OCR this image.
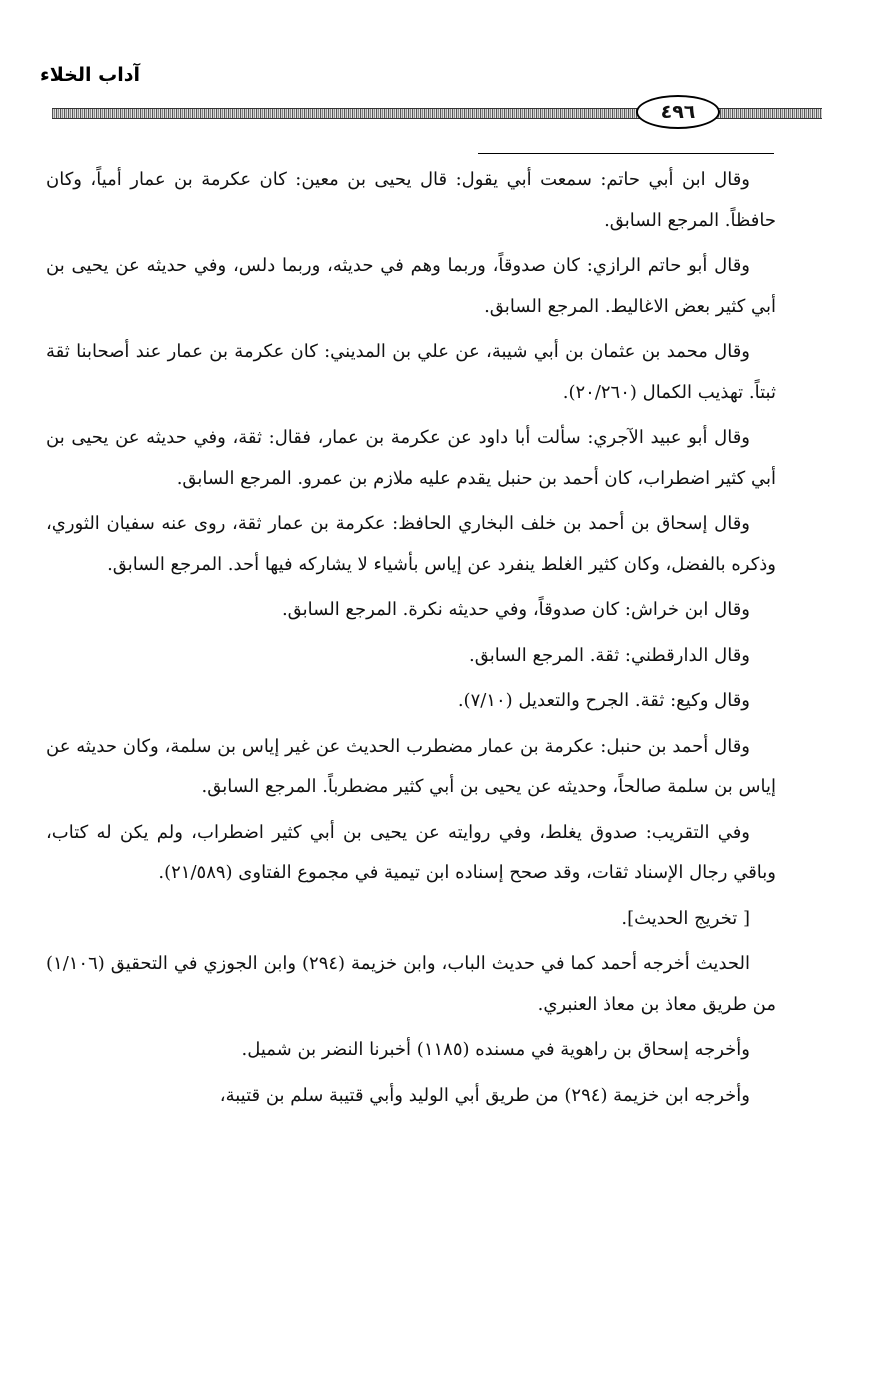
آداب الخلاء
٤٩٦

وقال ابن أبي حاتم: سمعت أبي يقول: قال يحيى بن معين: كان عكرمة بن عمار أمياً، وكان حافظاً. المرجع السابق.

وقال أبو حاتم الرازي: كان صدوقاً، وربما وهم في حديثه، وربما دلس، وفي حديثه عن يحيى بن أبي كثير بعض الاغاليط. المرجع السابق.

وقال محمد بن عثمان بن أبي شيبة، عن علي بن المديني: كان عكرمة بن عمار عند أصحابنا ثقة ثبتاً. تهذيب الكمال (٢٠/٢٦٠).

وقال أبو عبيد الآجري: سألت أبا داود عن عكرمة بن عمار، فقال: ثقة، وفي حديثه عن يحيى بن أبي كثير اضطراب، كان أحمد بن حنبل يقدم عليه ملازم بن عمرو. المرجع السابق.

وقال إسحاق بن أحمد بن خلف البخاري الحافظ: عكرمة بن عمار ثقة، روى عنه سفيان الثوري، وذكره بالفضل، وكان كثير الغلط ينفرد عن إياس بأشياء لا يشاركه فيها أحد. المرجع السابق.

وقال ابن خراش: كان صدوقاً، وفي حديثه نكرة. المرجع السابق.

وقال الدارقطني: ثقة. المرجع السابق.

وقال وكيع: ثقة. الجرح والتعديل (٧/١٠).

وقال أحمد بن حنبل: عكرمة بن عمار مضطرب الحديث عن غير إياس بن سلمة، وكان حديثه عن إياس بن سلمة صالحاً، وحديثه عن يحيى بن أبي كثير مضطرباً. المرجع السابق.

وفي التقريب: صدوق يغلط، وفي روايته عن يحيى بن أبي كثير اضطراب، ولم يكن له كتاب، وباقي رجال الإسناد ثقات، وقد صحح إسناده ابن تيمية في مجموع الفتاوى (٢١/٥٨٩).

[ تخريج الحديث].

الحديث أخرجه أحمد كما في حديث الباب، وابن خزيمة (٢٩٤) وابن الجوزي في التحقيق (١/١٠٦) من طريق معاذ بن معاذ العنبري.

وأخرجه إسحاق بن راهوية في مسنده (١١٨٥) أخبرنا النضر بن شميل.

وأخرجه ابن خزيمة (٢٩٤) من طريق أبي الوليد وأبي قتيبة سلم بن قتيبة،
